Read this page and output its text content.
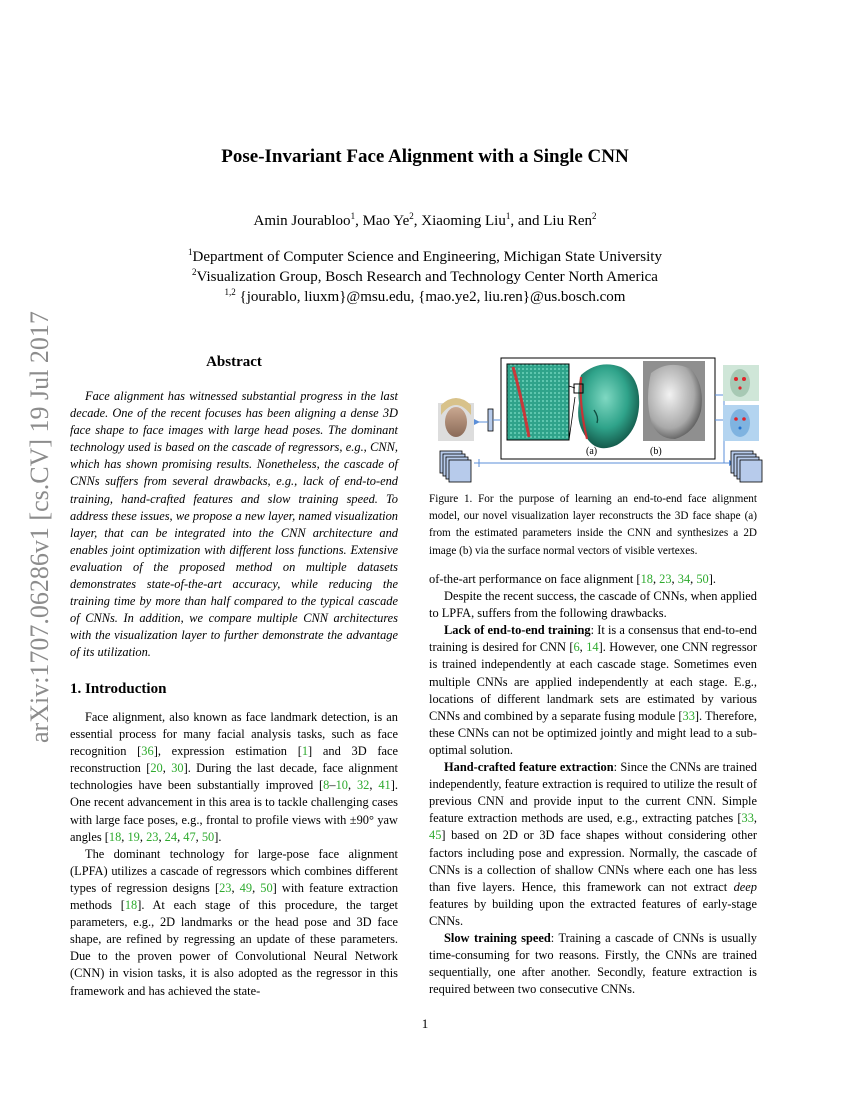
arXiv:1707.06286v1 [cs.CV] 19 Jul 2017
Pose-Invariant Face Alignment with a Single CNN
Amin Jourabloo$^1$, Mao Ye$^2$, Xiaoming Liu$^1$, and Liu Ren$^2$
$^1$Department of Computer Science and Engineering, Michigan State University
$^2$Visualization Group, Bosch Research and Technology Center North America
$^{1,2}$ {jourablo, liuxm}@msu.edu, {mao.ye2, liu.ren}@us.bosch.com
Abstract

Face alignment has witnessed substantial progress in the last decade. One of the recent focuses has been aligning a dense 3D face shape to face images with large head poses. The dominant technology used is based on the cascade of regressors, e.g., CNN, which has shown promising results. Nonetheless, the cascade of CNNs suffers from several drawbacks, e.g., lack of end-to-end training, hand-crafted features and slow training speed. To address these issues, we propose a new layer, named visualization layer, that can be integrated into the CNN architecture and enables joint optimization with different loss functions. Extensive evaluation of the proposed method on multiple datasets demonstrates state-of-the-art accuracy, while reducing the training time by more than half compared to the typical cascade of CNNs. In addition, we compare multiple CNN architectures with the visualization layer to further demonstrate the advantage of its utilization.

1. Introduction

Face alignment, also known as face landmark detection, is an essential process for many facial analysis tasks, such as face recognition [36], expression estimation [1] and 3D face reconstruction [20, 30]. During the last decade, face alignment technologies have been substantially improved [8–10, 32, 41]. One recent advancement in this area is to tackle challenging cases with large face poses, e.g., frontal to profile views with ±90° yaw angles [18, 19, 23, 24, 47, 50].

The dominant technology for large-pose face alignment (LPFA) utilizes a cascade of regressors which combines different types of regression designs [23, 49, 50] with feature extraction methods [18]. At each stage of this procedure, the target parameters, e.g., 2D landmarks or the head pose and 3D face shape, are refined by regressing an update of these parameters. Due to the proven power of Convolutional Neural Network (CNN) in vision tasks, it is also adopted as the regressor in this framework and has achieved the state-

(a)	(b)
Figure 1. For the purpose of learning an end-to-end face alignment model, our novel visualization layer reconstructs the 3D face shape (a) from the estimated parameters inside the CNN and synthesizes a 2D image (b) via the surface normal vectors of visible vertexes.

of-the-art performance on face alignment [18, 23, 34, 50].

Despite the recent success, the cascade of CNNs, when applied to LPFA, suffers from the following drawbacks.

Lack of end-to-end training: It is a consensus that end-to-end training is desired for CNN [6, 14]. However, one CNN regressor is trained independently at each cascade stage. Sometimes even multiple CNNs are applied independently at each stage. E.g., locations of different landmark sets are estimated by various CNNs and combined by a separate fusing module [33]. Therefore, these CNNs can not be optimized jointly and might lead to a sub-optimal solution.

Hand-crafted feature extraction: Since the CNNs are trained independently, feature extraction is required to utilize the result of previous CNN and provide input to the current CNN. Simple feature extraction methods are used, e.g., extracting patches [33, 45] based on 2D or 3D face shapes without considering other factors including pose and expression. Normally, the cascade of CNNs is a collection of shallow CNNs where each one has less than five layers. Hence, this framework can not extract deep features by building upon the extracted features of early-stage CNNs.

Slow training speed: Training a cascade of CNNs is usually time-consuming for two reasons. Firstly, the CNNs are trained sequentially, one after another. Secondly, feature extraction is required between two consecutive CNNs.

1
